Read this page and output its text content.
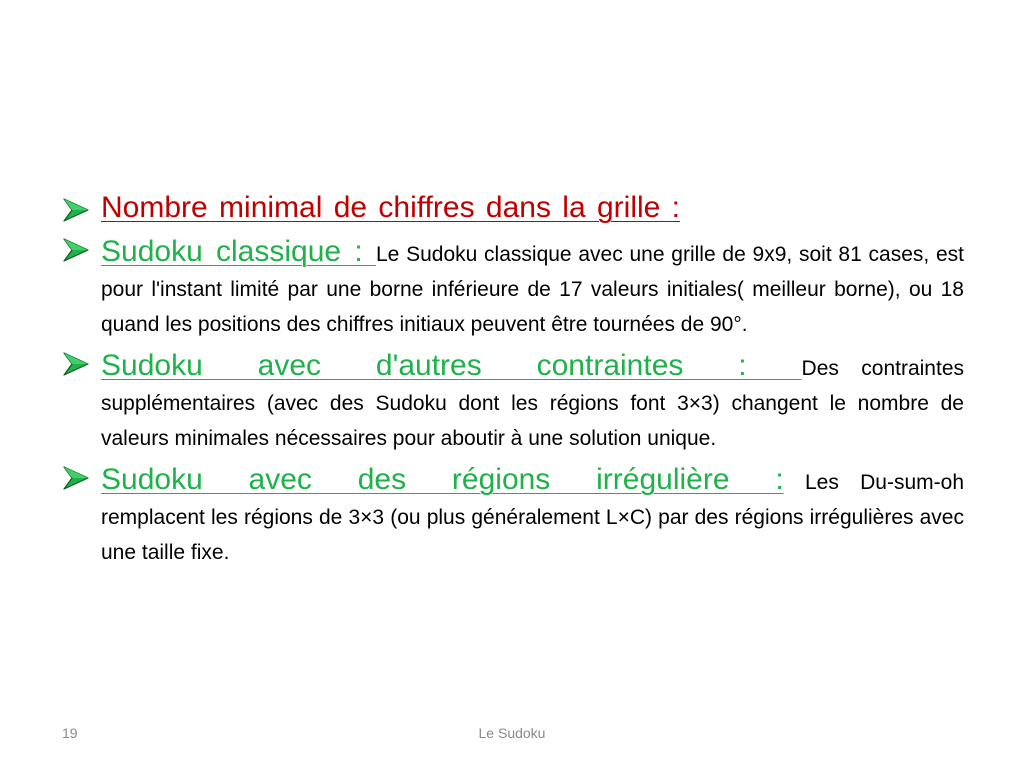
Nombre minimal de chiffres dans la grille :
Sudoku classique : Le Sudoku classique avec une grille de 9x9, soit 81 cases, est pour l'instant limité par une borne inférieure de 17 valeurs initiales( meilleur borne), ou 18 quand les positions des chiffres initiaux peuvent être tournées de 90°.
Sudoku avec d'autres contraintes : Des contraintes supplémentaires (avec des Sudoku dont les régions font 3×3) changent le nombre de valeurs minimales nécessaires pour aboutir à une solution unique.
Sudoku avec des régions irrégulière : Les Du-sum-oh remplacent les régions de 3×3 (ou plus généralement L×C) par des régions irrégulières avec une taille fixe.
19	Le Sudoku
